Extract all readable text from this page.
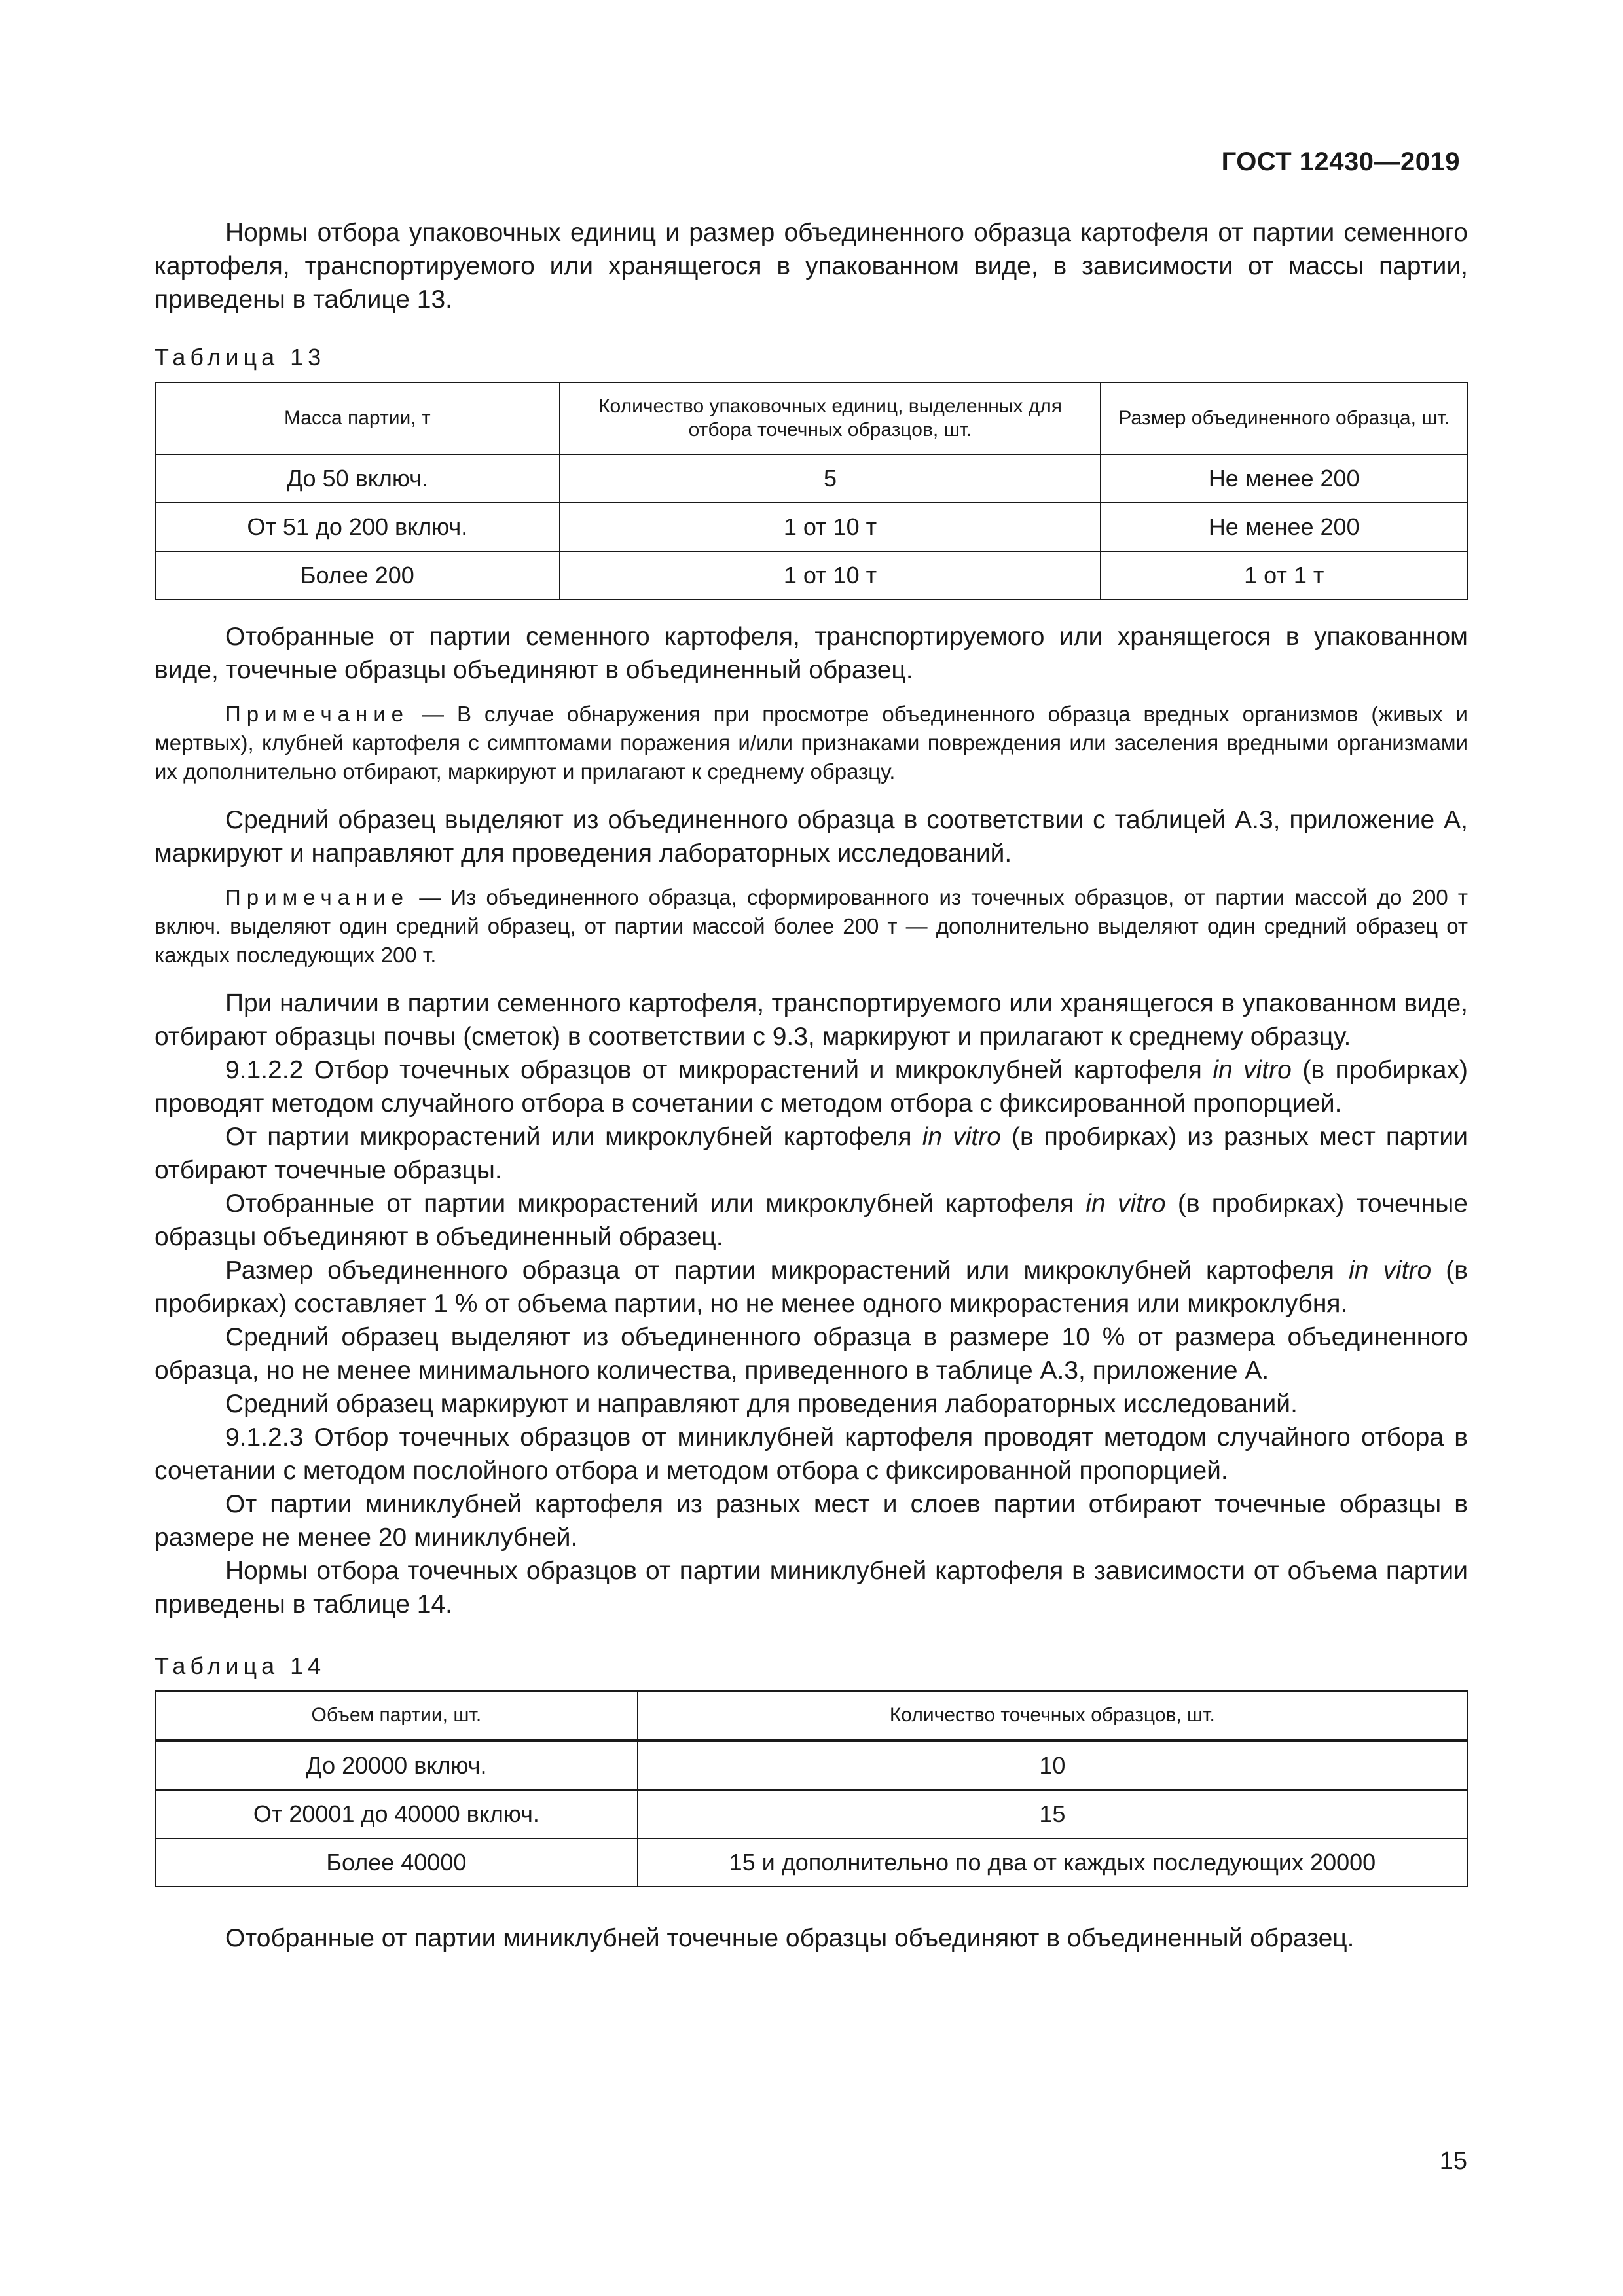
ГОСТ 12430—2019

Нормы отбора упаковочных единиц и размер объединенного образца картофеля от партии семенного картофеля, транспортируемого или хранящегося в упакованном виде, в зависимости от массы партии, приведены в таблице 13.

Таблица 13
Масса партии, т	Количество упаковочных единиц, выделенных для отбора точечных образцов, шт.	Размер объединенного образца, шт.
До 50 включ.	5	Не менее 200
От 51 до 200 включ.	1 от 10 т	Не менее 200
Более 200	1 от 10 т	1 от 1 т

Отобранные от партии семенного картофеля, транспортируемого или хранящегося в упакованном виде, точечные образцы объединяют в объединенный образец.

Примечание — В случае обнаружения при просмотре объединенного образца вредных организмов (живых и мертвых), клубней картофеля с симптомами поражения и/или признаками повреждения или заселения вредными организмами их дополнительно отбирают, маркируют и прилагают к среднему образцу.

Средний образец выделяют из объединенного образца в соответствии с таблицей А.3, приложение А, маркируют и направляют для проведения лабораторных исследований.

Примечание — Из объединенного образца, сформированного из точечных образцов, от партии массой до 200 т включ. выделяют один средний образец, от партии массой более 200 т — дополнительно выделяют один средний образец от каждых последующих 200 т.

При наличии в партии семенного картофеля, транспортируемого или хранящегося в упакованном виде, отбирают образцы почвы (сметок) в соответствии с 9.3, маркируют и прилагают к среднему образцу.

9.1.2.2 Отбор точечных образцов от микрорастений и микроклубней картофеля in vitro (в пробирках) проводят методом случайного отбора в сочетании с методом отбора с фиксированной пропорцией.

От партии микрорастений или микроклубней картофеля in vitro (в пробирках) из разных мест партии отбирают точечные образцы.

Отобранные от партии микрорастений или микроклубней картофеля in vitro (в пробирках) точечные образцы объединяют в объединенный образец.

Размер объединенного образца от партии микрорастений или микроклубней картофеля in vitro (в пробирках) составляет 1 % от объема партии, но не менее одного микрорастения или микроклубня.

Средний образец выделяют из объединенного образца в размере 10 % от размера объединенного образца, но не менее минимального количества, приведенного в таблице А.3, приложение А.

Средний образец маркируют и направляют для проведения лабораторных исследований.

9.1.2.3 Отбор точечных образцов от миниклубней картофеля проводят методом случайного отбора в сочетании с методом послойного отбора и методом отбора с фиксированной пропорцией.

От партии миниклубней картофеля из разных мест и слоев партии отбирают точечные образцы в размере не менее 20 миниклубней.

Нормы отбора точечных образцов от партии миниклубней картофеля в зависимости от объема партии приведены в таблице 14.

Таблица 14
Объем партии, шт.	Количество точечных образцов, шт.
До 20000 включ.	10
От 20001 до 40000 включ.	15
Более 40000	15 и дополнительно по два от каждых последующих 20000

Отобранные от партии миниклубней точечные образцы объединяют в объединенный образец.

15
